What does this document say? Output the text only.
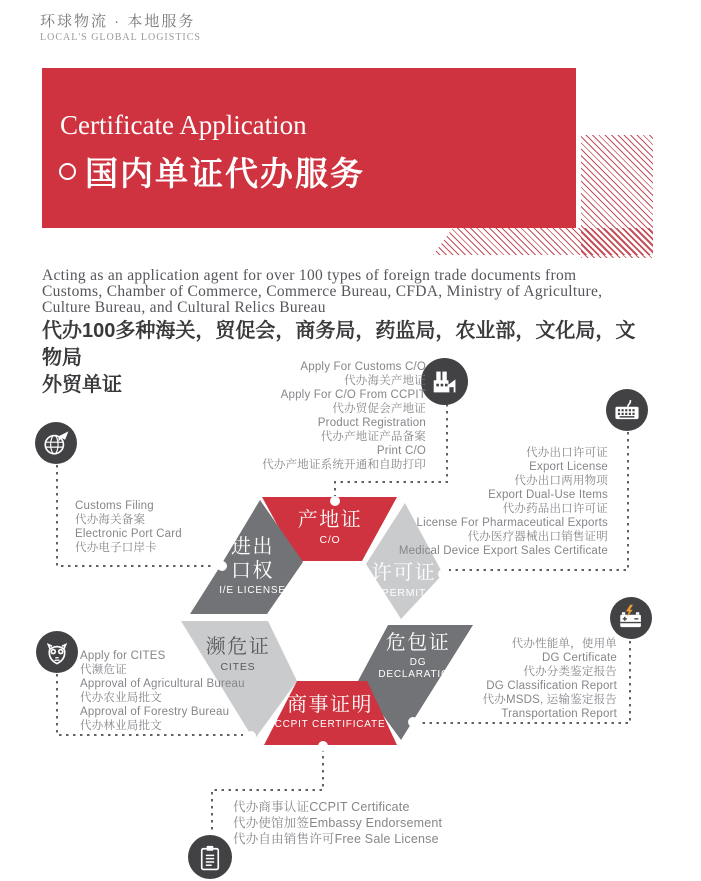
环球物流 · 本地服务
LOCAL'S GLOBAL LOGISTICS
Certificate Application
国内单证代办服务
Acting as an application agent for over 100 types of foreign trade documents from
Customs, Chamber of Commerce, Commerce Bureau, CFDA, Ministry of Agriculture,
Culture Bureau, and Cultural Relics Bureau
代办100多种海关，贸促会，商务局，药监局，农业部，文化局，文物局
外贸单证
产地证
C/O
许可证
PERMIT
危包证
DG
DECLARATION
商事证明
CCPIT CERTIFICATE
濒危证
CITES
进出
口权
I/E LICENSE
Apply For Customs C/O
代办海关产地证
Apply For C/O From CCPIT
代办贸促会产地证
Product Registration
代办产地证产品备案
Print C/O
代办产地证系统开通和自助打印
代办出口许可证
Export License
代办出口两用物项
Export Dual-Use Items
代办药品出口许可证
License For Pharmaceutical Exports
代办医疗器械出口销售证明
Medical Device Export Sales Certificate
Customs Filing
代办海关备案
Electronic Port Card
代办电子口岸卡
Apply for CITES
代濒危证
Approval of Agricultural Bureau
代办农业局批文
Approval of Forestry Bureau
代办林业局批文
代办性能单，使用单
DG Certificate
代办分类鉴定报告
DG Classification Report
代办MSDS, 运输鉴定报告
Transportation Report
代办商事认证CCPIT Certificate
代办使馆加签Embassy Endorsement
代办自由销售许可Free Sale License
